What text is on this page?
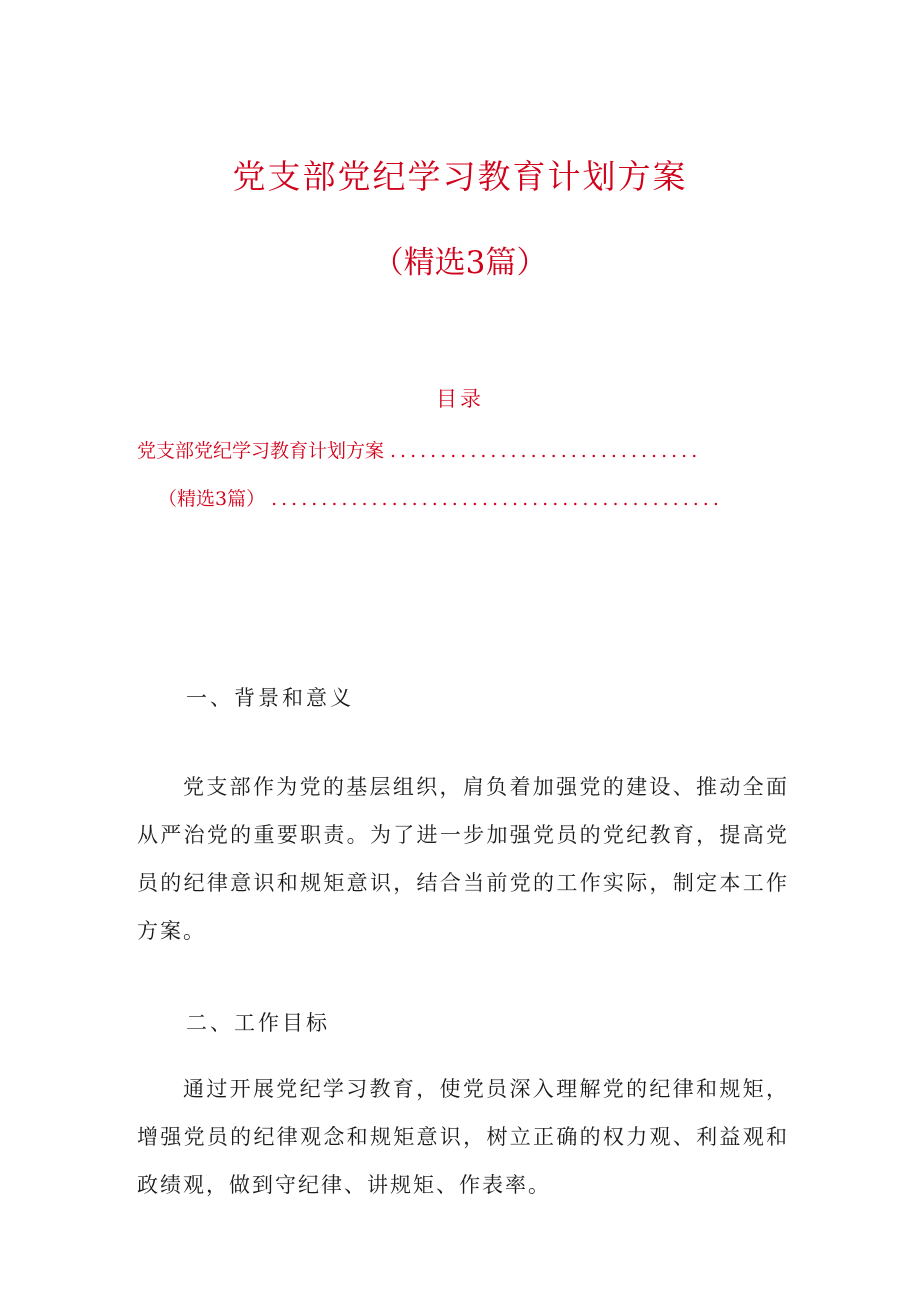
党支部党纪学习教育计划方案
（精选3篇）
目录
党支部党纪学习教育计划方案 ...............................
（精选3篇） .............................................
一、背景和意义
党支部作为党的基层组织，肩负着加强党的建设、推动全面从严治党的重要职责。为了进一步加强党员的党纪教育，提高党员的纪律意识和规矩意识，结合当前党的工作实际，制定本工作方案。
二、工作目标
通过开展党纪学习教育，使党员深入理解党的纪律和规矩，增强党员的纪律观念和规矩意识，树立正确的权力观、利益观和政绩观，做到守纪律、讲规矩、作表率。
